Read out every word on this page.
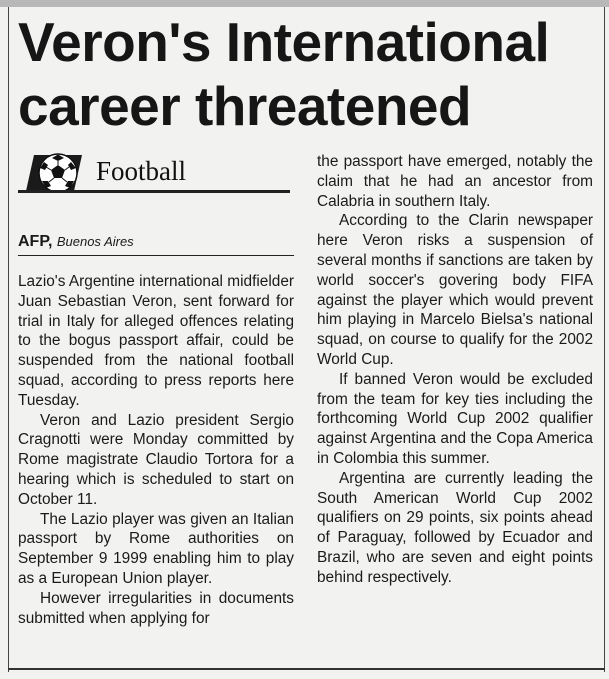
Veron's International career threatened
Football
AFP, Buenos Aires

Lazio's Argentine international midfielder Juan Sebastian Veron, sent forward for trial in Italy for alleged offences relating to the bogus passport affair, could be suspended from the national football squad, according to press reports here Tuesday.

Veron and Lazio president Sergio Cragnotti were Monday committed by Rome magistrate Claudio Tortora for a hearing which is scheduled to start on October 11.

The Lazio player was given an Italian passport by Rome authorities on September 9 1999 enabling him to play as a European Union player.

However irregularities in documents submitted when applying for

the passport have emerged, notably the claim that he had an ancestor from Calabria in southern Italy.

According to the Clarin newspaper here Veron risks a suspension of several months if sanctions are taken by world soccer's govering body FIFA against the player which would prevent him playing in Marcelo Bielsa's national squad, on course to qualify for the 2002 World Cup.

If banned Veron would be excluded from the team for key ties including the forthcoming World Cup 2002 qualifier against Argentina and the Copa America in Colombia this summer.

Argentina are currently leading the South American World Cup 2002 qualifiers on 29 points, six points ahead of Paraguay, followed by Ecuador and Brazil, who are seven and eight points behind respectively.
